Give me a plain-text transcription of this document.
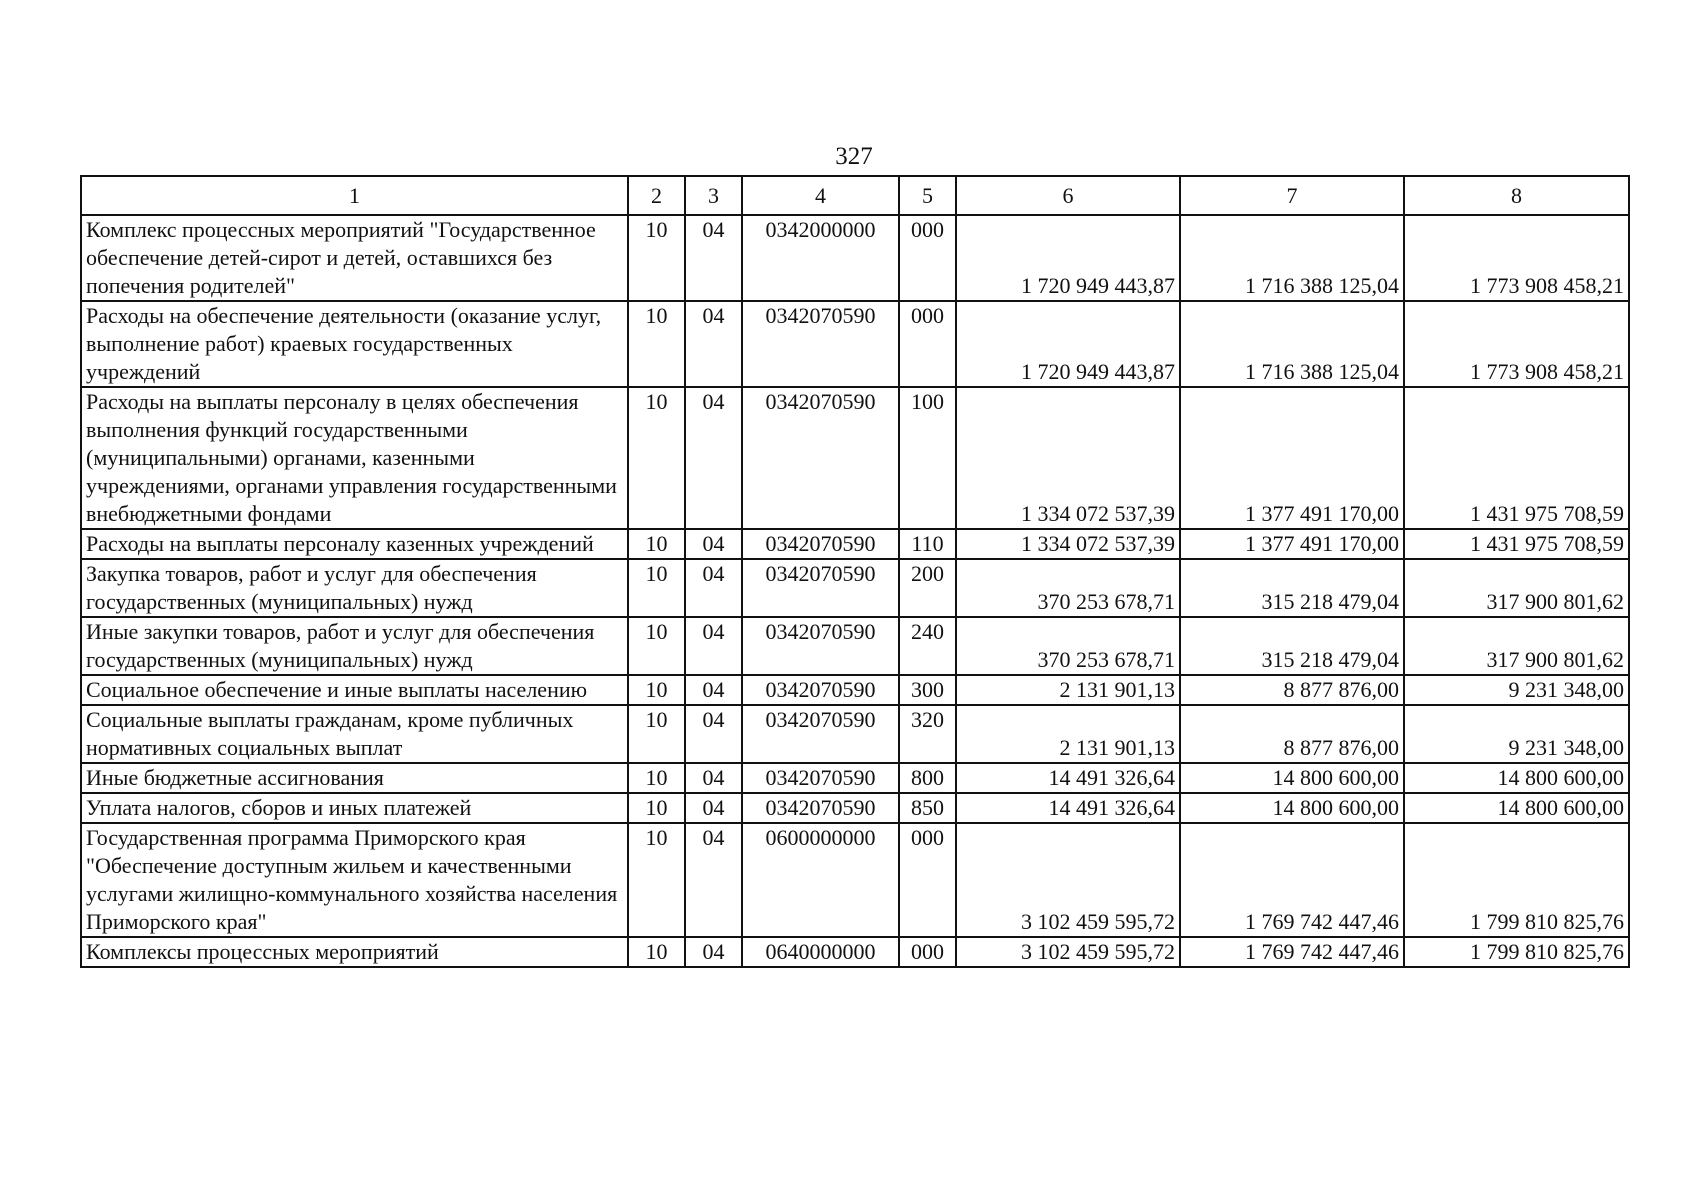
327
1	2	3	4	5	6	7	8
Комплекс процессных мероприятий "Государственное обеспечение детей-сирот и детей, оставшихся без попечения родителей"	10	04	0342000000	000	1 720 949 443,87	1 716 388 125,04	1 773 908 458,21
Расходы на обеспечение деятельности (оказание услуг, выполнение работ) краевых государственных учреждений	10	04	0342070590	000	1 720 949 443,87	1 716 388 125,04	1 773 908 458,21
Расходы на выплаты персоналу в целях обеспечения выполнения функций государственными (муниципальными) органами, казенными учреждениями, органами управления государственными внебюджетными фондами	10	04	0342070590	100	1 334 072 537,39	1 377 491 170,00	1 431 975 708,59
Расходы на выплаты персоналу казенных учреждений	10	04	0342070590	110	1 334 072 537,39	1 377 491 170,00	1 431 975 708,59
Закупка товаров, работ и услуг для обеспечения государственных (муниципальных) нужд	10	04	0342070590	200	370 253 678,71	315 218 479,04	317 900 801,62
Иные закупки товаров, работ и услуг для обеспечения государственных (муниципальных) нужд	10	04	0342070590	240	370 253 678,71	315 218 479,04	317 900 801,62
Социальное обеспечение и иные выплаты населению	10	04	0342070590	300	2 131 901,13	8 877 876,00	9 231 348,00
Социальные выплаты гражданам, кроме публичных нормативных социальных выплат	10	04	0342070590	320	2 131 901,13	8 877 876,00	9 231 348,00
Иные бюджетные ассигнования	10	04	0342070590	800	14 491 326,64	14 800 600,00	14 800 600,00
Уплата налогов, сборов и иных платежей	10	04	0342070590	850	14 491 326,64	14 800 600,00	14 800 600,00
Государственная программа Приморского края "Обеспечение доступным жильем и качественными услугами жилищно-коммунального хозяйства населения Приморского края"	10	04	0600000000	000	3 102 459 595,72	1 769 742 447,46	1 799 810 825,76
Комплексы процессных мероприятий	10	04	0640000000	000	3 102 459 595,72	1 769 742 447,46	1 799 810 825,76
